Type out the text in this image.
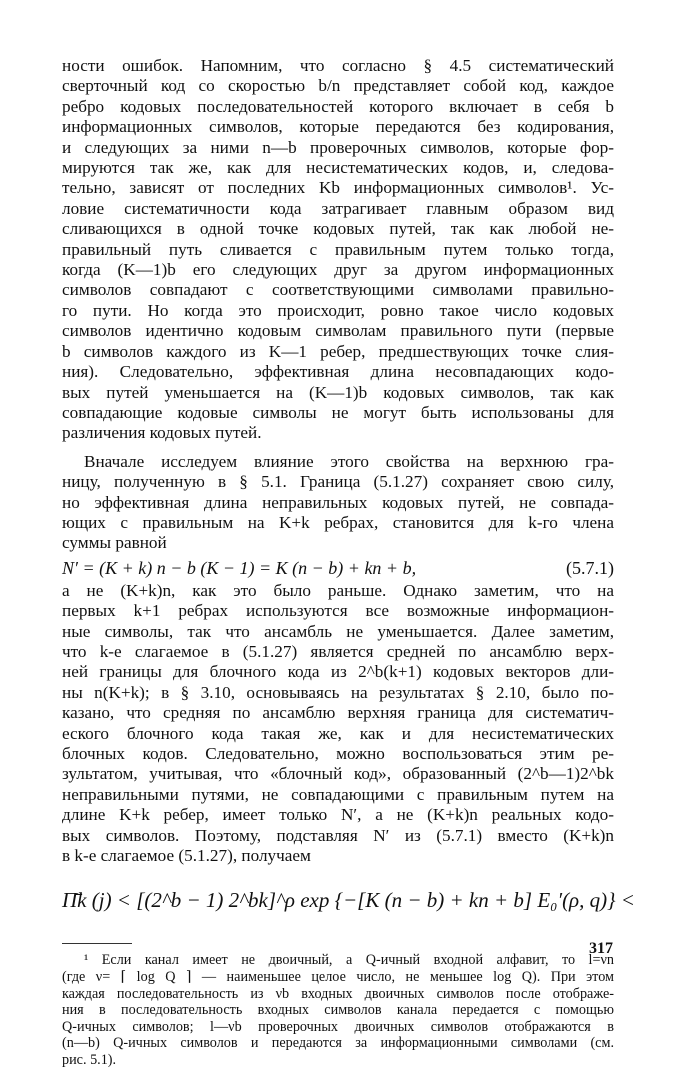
ности ошибок. Напомним, что согласно § 4.5 систематический
сверточный код со скоростью b/n представляет собой код, каждое
ребро кодовых последовательностей которого включает в себя b
информационных символов, которые передаются без кодирования,
и следующих за ними n—b проверочных символов, которые фор-
мируются так же, как для несистематических кодов, и, следова-
тельно, зависят от последних Kb информационных символов¹. Ус-
ловие систематичности кода затрагивает главным образом вид
сливающихся в одной точке кодовых путей, так как любой не-
правильный путь сливается с правильным путем только тогда,
когда (K—1)b его следующих друг за другом информационных
символов совпадают с соответствующими символами правильно-
го пути. Но когда это происходит, ровно такое число кодовых
символов идентично кодовым символам правильного пути (первые
b символов каждого из K—1 ребер, предшествующих точке слия-
ния). Следовательно, эффективная длина несовпадающих кодо-
вых путей уменьшается на (K—1)b кодовых символов, так как
совпадающие кодовые символы не могут быть использованы для
различения кодовых путей.
Вначале исследуем влияние этого свойства на верхнюю гра-
ницу, полученную в § 5.1. Граница (5.1.27) сохраняет свою силу,
но эффективная длина неправильных кодовых путей, не совпада-
ющих с правильным на K+k ребрах, становится для k-го члена
суммы равной
N′ = (K + k) n − b (K − 1) = K (n − b) + kn + b,	(5.7.1)
а не (K+k)n, как это было раньше. Однако заметим, что на
первых k+1 ребрах используются все возможные информацион-
ные символы, так что ансамбль не уменьшается. Далее заметим,
что k-е слагаемое в (5.1.27) является средней по ансамблю верх-
ней границы для блочного кода из 2^b(k+1) кодовых векторов дли-
ны n(K+k); в § 3.10, основываясь на результатах § 2.10, было по-
казано, что средняя по ансамблю верхняя граница для систематич-
еского блочного кода такая же, как и для несистематических
блочных кодов. Следовательно, можно воспользоваться этим ре-
зультатом, учитывая, что «блочный код», образованный (2^b—1)2^bk
неправильными путями, не совпадающими с правильным путем на
длине K+k ребер, имеет только N′, а не (K+k)n реальных кодо-
вых символов. Поэтому, подставляя N′ из (5.7.1) вместо (K+k)n
в k-е слагаемое (5.1.27), получаем
Π̄k (j) < [(2^b − 1) 2^bk]^ρ exp {−[K (n − b) + kn + b] E₀′(ρ, q)} <
¹ Если канал имеет не двоичный, а Q-ичный входной алфавит, то l=νn
(где ν= ⌈ log Q ⌉ — наименьшее целое число, не меньшее log Q). При этом
каждая последовательность из νb входных двоичных символов после отображе-
ния в последовательность входных символов канала передается с помощью
Q-ичных символов; l—νb проверочных двоичных символов отображаются в
(n—b) Q-ичных символов и передаются за информационными символами (см.
рис. 5.1).
317
